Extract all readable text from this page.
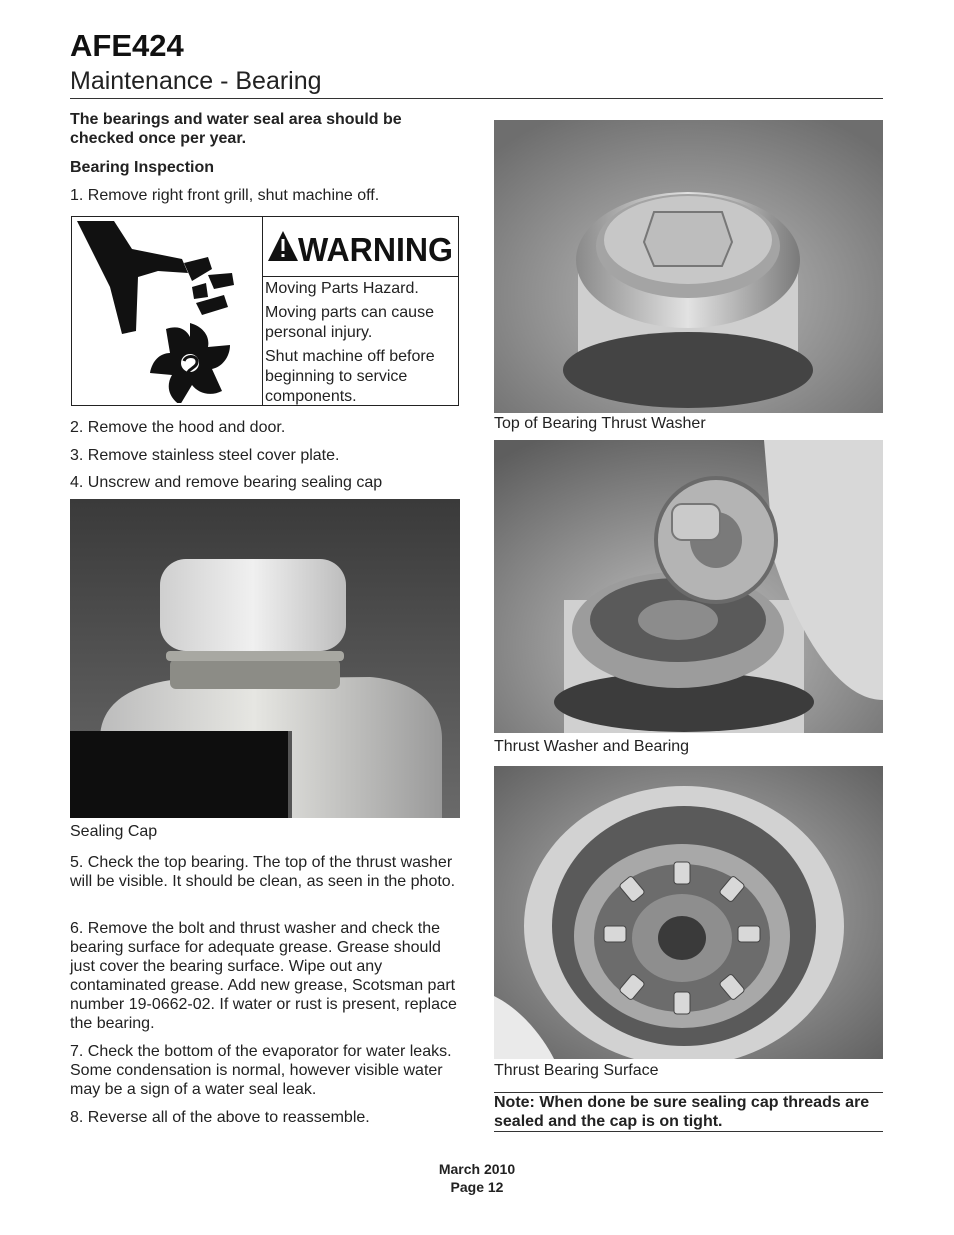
AFE424
Maintenance - Bearing
The bearings and water seal area should be checked once per year.
Bearing Inspection
1. Remove right front grill, shut machine off.
WARNING

Moving Parts Hazard.

Moving parts can cause personal injury.

Shut machine off before beginning to service components.

2. Remove the hood and door.
3. Remove stainless steel cover plate.
4. Unscrew and remove bearing sealing cap
Sealing Cap
5. Check the top bearing. The top of the thrust washer will be visible. It should be clean, as seen in the photo.
6. Remove the bolt and thrust washer and check the bearing surface for adequate grease. Grease should just cover the bearing surface. Wipe out any contaminated grease. Add new grease, Scotsman part number 19-0662-02. If water or rust is present, replace the bearing.
7. Check the bottom of the evaporator for water leaks. Some condensation is normal, however visible water may be a sign of a water seal leak.
8. Reverse all of the above to reassemble.
Top of Bearing Thrust Washer
Thrust Washer and Bearing
Thrust Bearing Surface
Note: When done be sure sealing cap threads are sealed and the cap is on tight.
March 2010
Page 12
